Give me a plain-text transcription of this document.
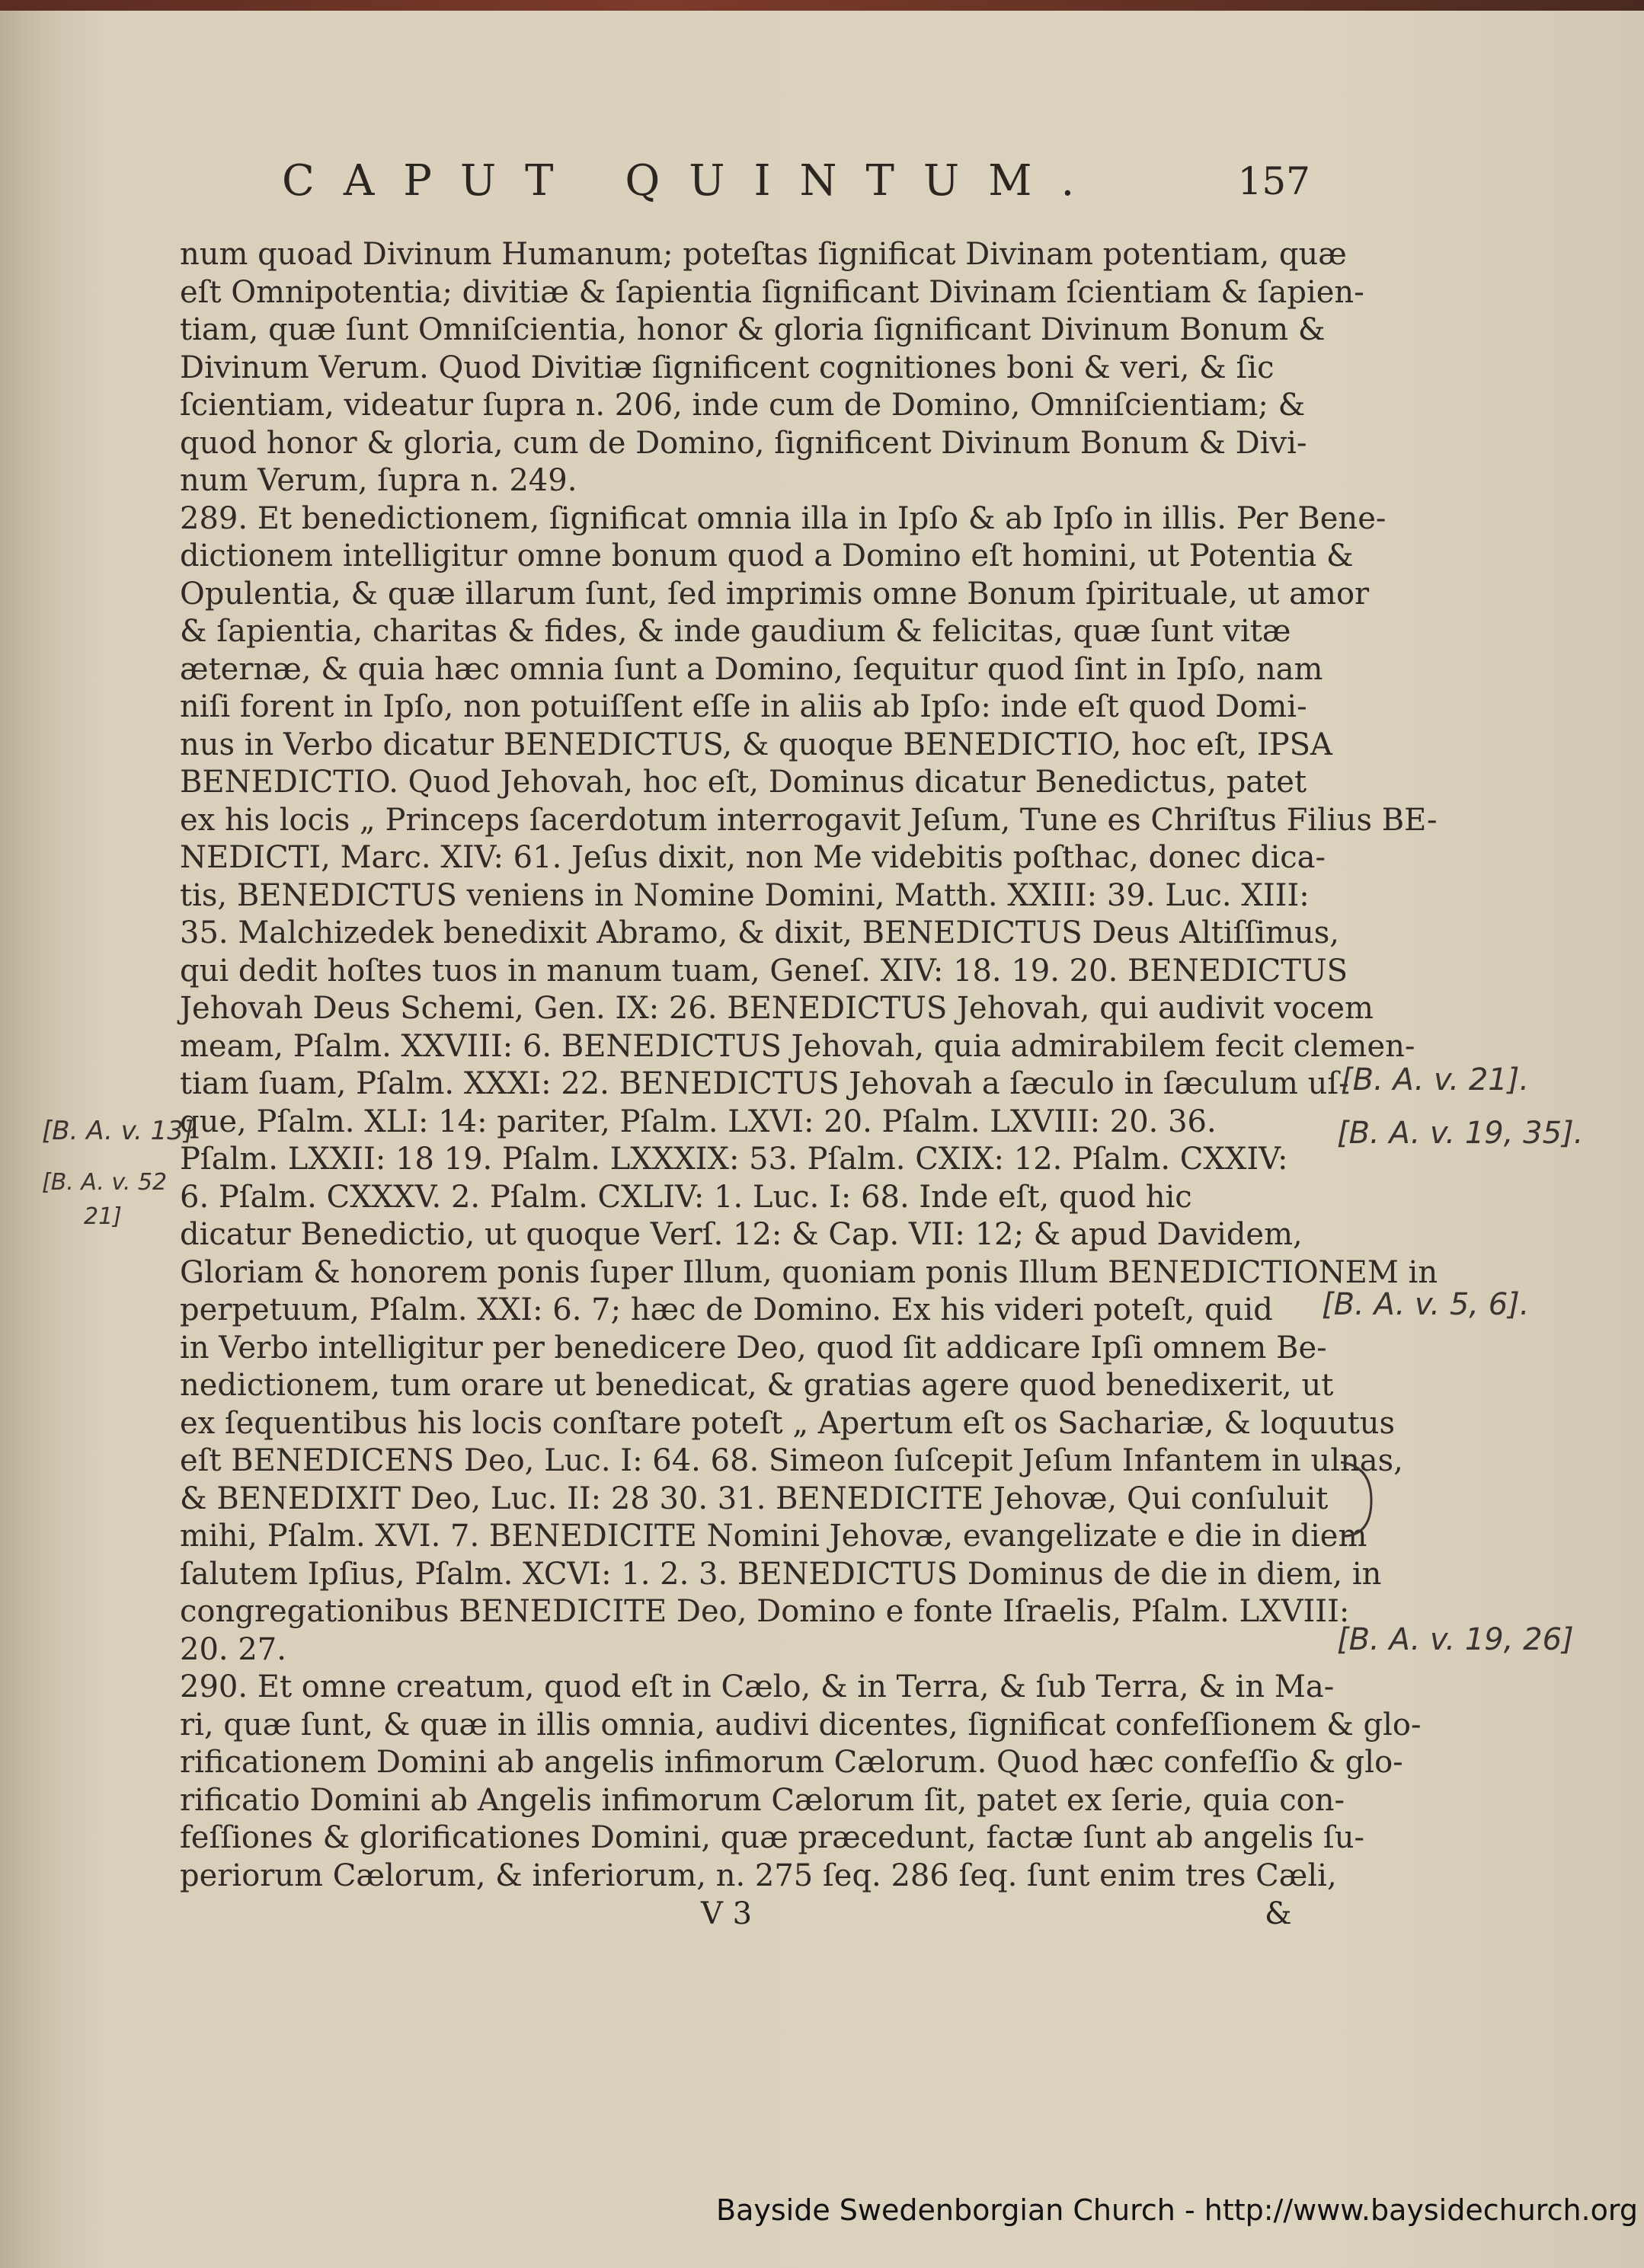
CAPUT QUINTUM.	157
num quoad Divinum Humanum; poteſtas ſignificat Divinam potentiam, quæ
eſt Omnipotentia; divitiæ & ſapientia ſignificant Divinam ſcientiam & ſapien-
tiam, quæ ſunt Omniſcientia, honor & gloria ſignificant Divinum Bonum &
Divinum Verum. Quod Divitiæ ſignificent cognitiones boni & veri, & ſic
ſcientiam, videatur ſupra n. 206, inde cum de Domino, Omniſcientiam; &
quod honor & gloria, cum de Domino, ſignificent Divinum Bonum & Divi-
num Verum, ſupra n. 249.
289. Et benedictionem, ſignificat omnia illa in Ipſo & ab Ipſo in illis. Per Bene-
dictionem intelligitur omne bonum quod a Domino eſt homini, ut Potentia &
Opulentia, & quæ illarum ſunt, ſed imprimis omne Bonum ſpirituale, ut amor
& ſapientia, charitas & fides, & inde gaudium & felicitas, quæ ſunt vitæ
æternæ, & quia hæc omnia ſunt a Domino, ſequitur quod ſint in Ipſo, nam
niſi forent in Ipſo, non potuiſſent eſſe in aliis ab Ipſo: inde eſt quod Domi-
nus in Verbo dicatur BENEDICTUS, & quoque BENEDICTIO, hoc eſt, IPSA
BENEDICTIO. Quod Jehovah, hoc eſt, Dominus dicatur Benedictus, patet
ex his locis „ Princeps ſacerdotum interrogavit Jeſum, Tune es Chriſtus Filius BE-
NEDICTI, Marc. XIV: 61. Jeſus dixit, non Me videbitis poſthac, donec dica-
tis, BENEDICTUS veniens in Nomine Domini, Matth. XXIII: 39. Luc. XIII:
35. Malchizedek benedixit Abramo, & dixit, BENEDICTUS Deus Altiſſimus,
qui dedit hoſtes tuos in manum tuam, Geneſ. XIV: 18. 19. 20. BENEDICTUS
Jehovah Deus Schemi, Gen. IX: 26. BENEDICTUS Jehovah, qui audivit vocem
meam, Pſalm. XXVIII: 6. BENEDICTUS Jehovah, quia admirabilem fecit clemen-
tiam ſuam, Pſalm. XXXI: 22. BENEDICTUS Jehovah a ſæculo in ſæculum uſ-
que, Pſalm. XLI: 14: pariter, Pſalm. LXVI: 20. Pſalm. LXVIII: 20. 36.
Pſalm. LXXII: 18 19. Pſalm. LXXXIX: 53. Pſalm. CXIX: 12. Pſalm. CXXIV:
6. Pſalm. CXXXV. 2. Pſalm. CXLIV: 1. Luc. I: 68. Inde eſt, quod hic
dicatur Benedictio, ut quoque Verſ. 12: & Cap. VII: 12; & apud Davidem,
Gloriam & honorem ponis ſuper Illum, quoniam ponis Illum BENEDICTIONEM in
perpetuum, Pſalm. XXI: 6. 7; hæc de Domino. Ex his videri poteſt, quid
in Verbo intelligitur per benedicere Deo, quod ſit addicare Ipſi omnem Be-
nedictionem, tum orare ut benedicat, & gratias agere quod benedixerit, ut
ex ſequentibus his locis conſtare poteſt „ Apertum eſt os Sachariæ, & loquutus
eſt BENEDICENS Deo, Luc. I: 64. 68. Simeon ſuſcepit Jeſum Infantem in ulnas,
& BENEDIXIT Deo, Luc. II: 28 30. 31. BENEDICITE Jehovæ, Qui conſuluit
mihi, Pſalm. XVI. 7. BENEDICITE Nomini Jehovæ, evangelizate e die in diem
ſalutem Ipſius, Pſalm. XCVI: 1. 2. 3. BENEDICTUS Dominus de die in diem, in
congregationibus BENEDICITE Deo, Domino e fonte Iſraelis, Pſalm. LXVIII:
20. 27.
290. Et omne creatum, quod eſt in Cælo, & in Terra, & ſub Terra, & in Ma-
ri, quæ ſunt, & quæ in illis omnia, audivi dicentes, ſignificat confeſſionem & glo-
rificationem Domini ab angelis infimorum Cælorum. Quod hæc confeſſio & glo-
rificatio Domini ab Angelis infimorum Cælorum ſit, patet ex ſerie, quia con-
feſſiones & glorificationes Domini, quæ præcedunt, factæ ſunt ab angelis ſu-
periorum Cælorum, & inferiorum, n. 275 ſeq. 286 ſeq. ſunt enim tres Cæli,
V 3	&
[B. A. v. 21].
[B. A. v. 19, 35].
[B. A. v. 5, 6].
[B. A. v. 19, 26]
[B. A. v. 13]
[B. A. v. 52
21]
Bayside Swedenborgian Church - http://www.baysidechurch.org
